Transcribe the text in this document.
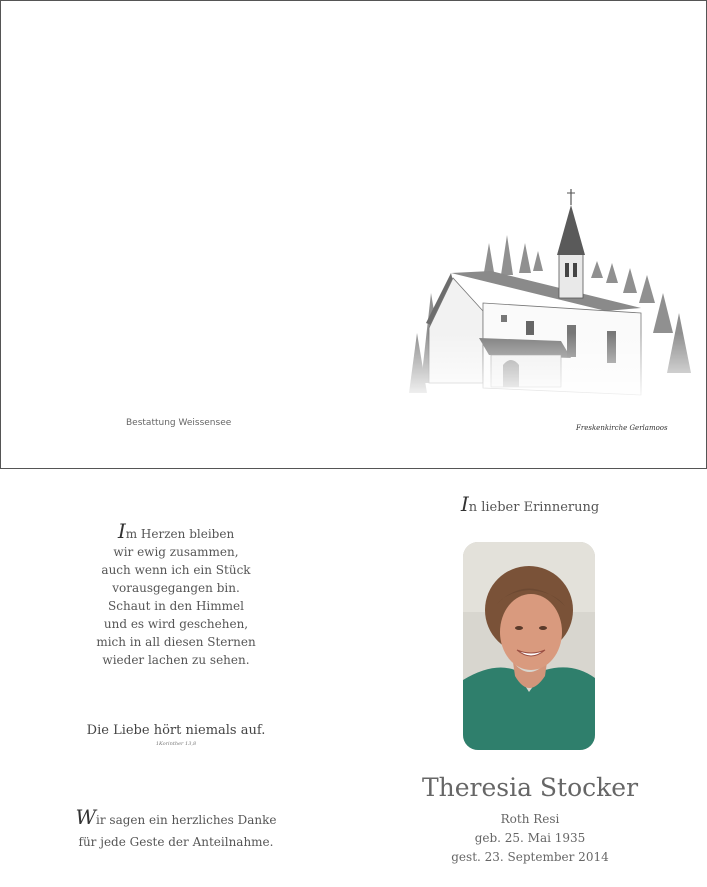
Bestattung Weissensee	Freskenkirche Gerlamoos
Im Herzen bleiben
wir ewig zusammen,
auch wenn ich ein Stück
vorausgegangen bin.
Schaut in den Himmel
und es wird geschehen,
mich in all diesen Sternen
wieder lachen zu sehen.
Die Liebe hört niemals auf.
1Korinther 13,8
Wir sagen ein herzliches Danke
für jede Geste der Anteilnahme.
In lieber Erinnerung
Theresia Stocker
Roth Resi
geb. 25. Mai 1935
gest. 23. September 2014
